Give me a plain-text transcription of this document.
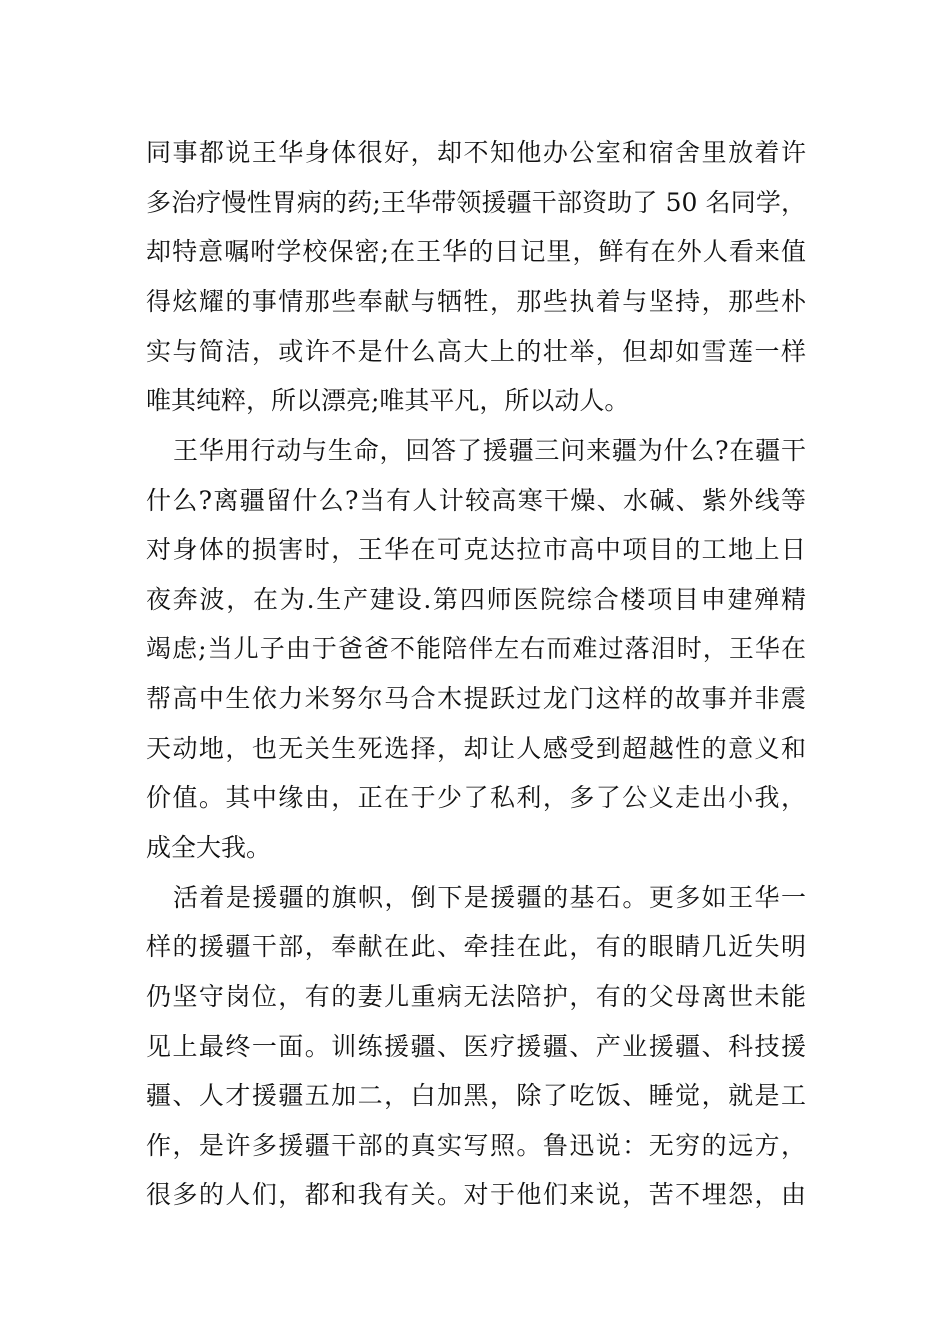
同事都说王华身体很好，却不知他办公室和宿舍里放着许
多治疗慢性胃病的药;王华带领援疆干部资助了 50 名同学，
却特意嘱咐学校保密;在王华的日记里，鲜有在外人看来值
得炫耀的事情那些奉献与牺牲，那些执着与坚持，那些朴
实与简洁，或许不是什么高大上的壮举，但却如雪莲一样
唯其纯粹，所以漂亮;唯其平凡，所以动人。
王华用行动与生命，回答了援疆三问来疆为什么?在疆干
什么?离疆留什么?当有人计较高寒干燥、水碱、紫外线等
对身体的损害时，王华在可克达拉市高中项目的工地上日
夜奔波，在为.生产建设.第四师医院综合楼项目申建殚精
竭虑;当儿子由于爸爸不能陪伴左右而难过落泪时，王华在
帮高中生依力米努尔马合木提跃过龙门这样的故事并非震
天动地，也无关生死选择，却让人感受到超越性的意义和
价值。其中缘由，正在于少了私利，多了公义走出小我，
成全大我。
活着是援疆的旗帜，倒下是援疆的基石。更多如王华一
样的援疆干部，奉献在此、牵挂在此，有的眼睛几近失明
仍坚守岗位，有的妻儿重病无法陪护，有的父母离世未能
见上最终一面。训练援疆、医疗援疆、产业援疆、科技援
疆、人才援疆五加二，白加黑，除了吃饭、睡觉，就是工
作，是许多援疆干部的真实写照。鲁迅说：无穷的远方，
很多的人们，都和我有关。对于他们来说，苦不埋怨，由
